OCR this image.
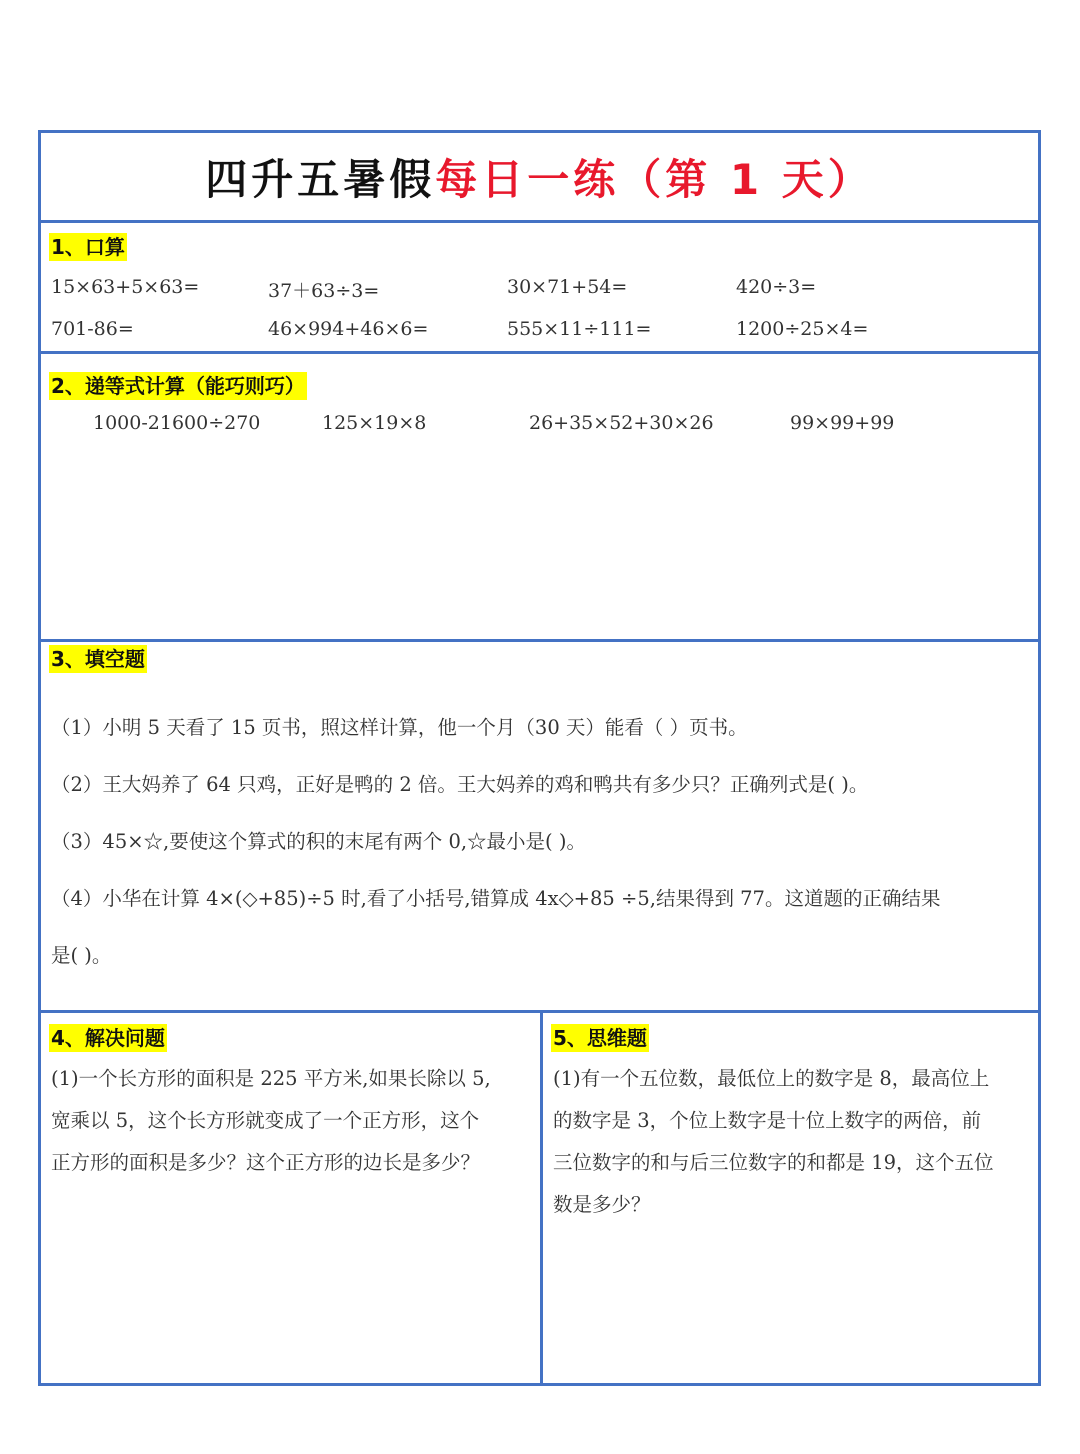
四升五暑假每日一练（第 1 天）
1、口算
15×63+5×63=	37＋63÷3=	30×71+54=	420÷3=
701-86=	46×994+46×6=	555×11÷111=	1200÷25×4=
2、递等式计算（能巧则巧）
1000-21600÷270	125×19×8	26+35×52+30×26	99×99+99
3、填空题

（1）小明 5 天看了 15 页书，照这样计算，他一个月（30 天）能看（ ）页书。

（2）王大妈养了 64 只鸡，正好是鸭的 2 倍。王大妈养的鸡和鸭共有多少只？正确列式是( )。

（3）45×☆,要使这个算式的积的末尾有两个 0,☆最小是( )。

（4）小华在计算 4×(◇+85)÷5 时,看了小括号,错算成 4x◇+85 ÷5,结果得到 77。这道题的正确结果

是( )。

4、解决问题

(1)一个长方形的面积是 225 平方米,如果长除以 5,

宽乘以 5，这个长方形就变成了一个正方形，这个

正方形的面积是多少？这个正方形的边长是多少？

5、思维题

(1)有一个五位数，最低位上的数字是 8，最高位上

的数字是 3，个位上数字是十位上数字的两倍，前

三位数字的和与后三位数字的和都是 19，这个五位

数是多少？
